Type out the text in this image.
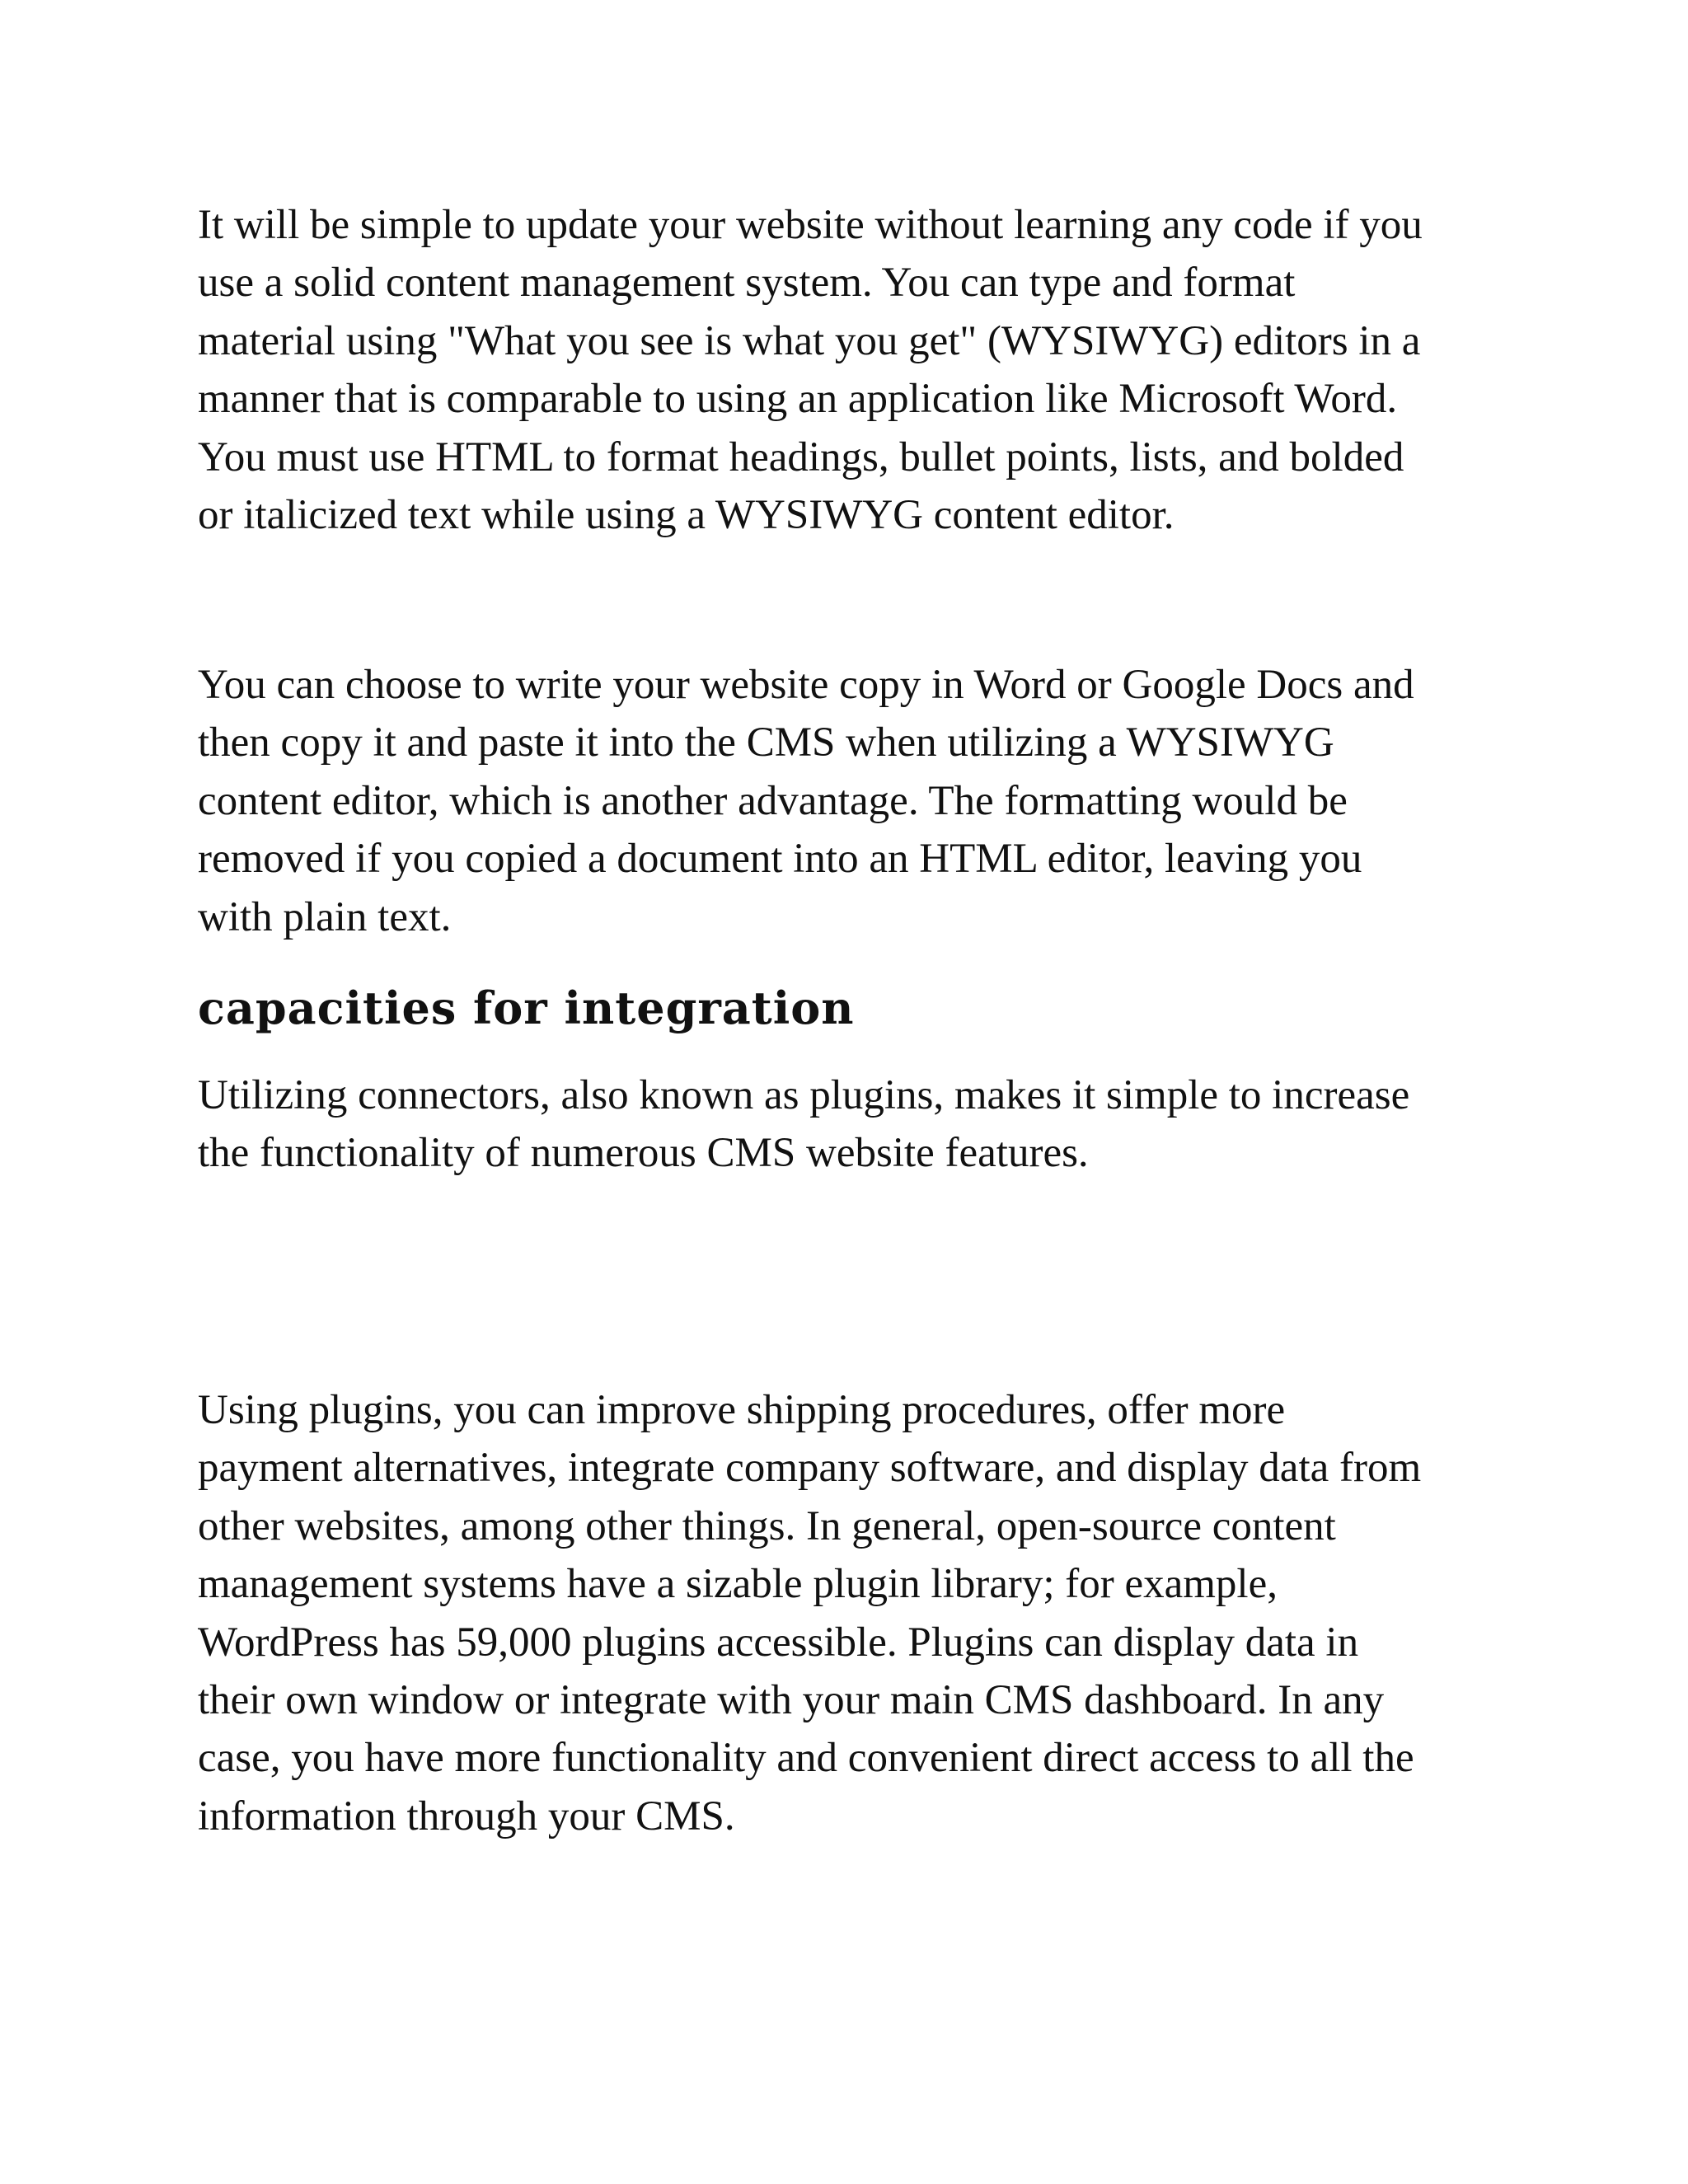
It will be simple to update your website without learning any code if you
use a solid content management system. You can type and format
material using "What you see is what you get" (WYSIWYG) editors in a
manner that is comparable to using an application like Microsoft Word.
You must use HTML to format headings, bullet points, lists, and bolded
or italicized text while using a WYSIWYG content editor.

You can choose to write your website copy in Word or Google Docs and
then copy it and paste it into the CMS when utilizing a WYSIWYG
content editor, which is another advantage. The formatting would be
removed if you copied a document into an HTML editor, leaving you
with plain text.

capacities for integration

Utilizing connectors, also known as plugins, makes it simple to increase
the functionality of numerous CMS website features.

Using plugins, you can improve shipping procedures, offer more
payment alternatives, integrate company software, and display data from
other websites, among other things. In general, open-source content
management systems have a sizable plugin library; for example,
WordPress has 59,000 plugins accessible. Plugins can display data in
their own window or integrate with your main CMS dashboard. In any
case, you have more functionality and convenient direct access to all the
information through your CMS.
